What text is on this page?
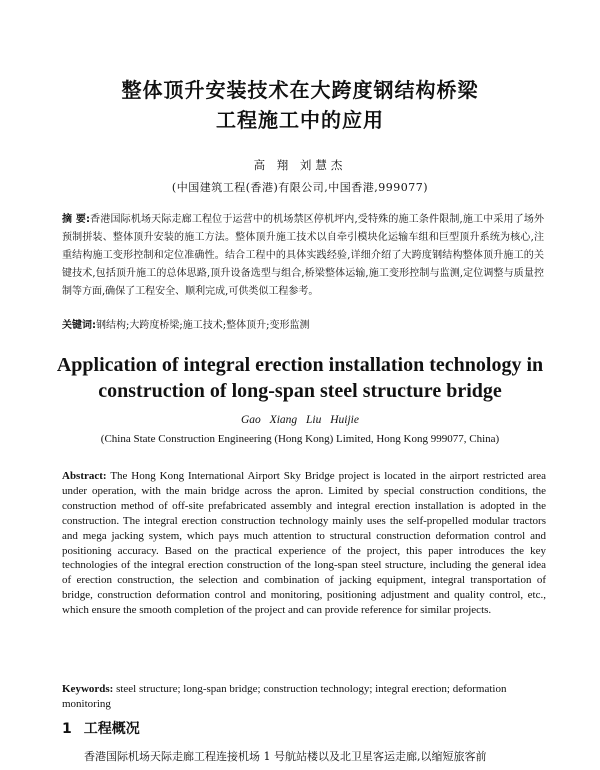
整体顶升安装技术在大跨度钢结构桥梁
工程施工中的应用
高 翔 刘慧杰
(中国建筑工程(香港)有限公司,中国香港,999077)
摘 要:香港国际机场天际走廊工程位于运营中的机场禁区停机坪内,受特殊的施工条件限制,施工中采用了场外预制拼装、整体顶升安装的施工方法。整体顶升施工技术以自牵引模块化运输车组和巨型顶升系统为核心,注重结构施工变形控制和定位准确性。结合工程中的具体实践经验,详细介绍了大跨度钢结构整体顶升施工的关键技术,包括顶升施工的总体思路,顶升设备选型与组合,桥梁整体运输,施工变形控制与监测,定位调整与质量控制等方面,确保了工程安全、顺利完成,可供类似工程参考。
关键词:钢结构;大跨度桥梁;施工技术;整体顶升;变形监测
Application of integral erection installation technology in
construction of long-span steel structure bridge
Gao Xiang Liu Huijie
(China State Construction Engineering (Hong Kong) Limited, Hong Kong 999077, China)
Abstract: The Hong Kong International Airport Sky Bridge project is located in the airport restricted area under operation, with the main bridge across the apron. Limited by special construction conditions, the construction method of off-site prefabricated assembly and integral erection installation is adopted in the construction. The integral erection construction technology mainly uses the self-propelled modular tractors and mega jacking system, which pays much attention to structural construction deformation control and positioning accuracy. Based on the practical experience of the project, this paper introduces the key technologies of the integral erection construction of the long-span steel structure, including the general idea of erection construction, the selection and combination of jacking equipment, integral transportation of bridge, construction deformation control and monitoring, positioning adjustment and quality control, etc., which ensure the smooth completion of the project and can provide reference for similar projects.
Keywords: steel structure; long-span bridge; construction technology; integral erection; deformation monitoring
1 工程概况
香港国际机场天际走廊工程连接机场 1 号航站楼以及北卫星客运走廊,以缩短旅客前
